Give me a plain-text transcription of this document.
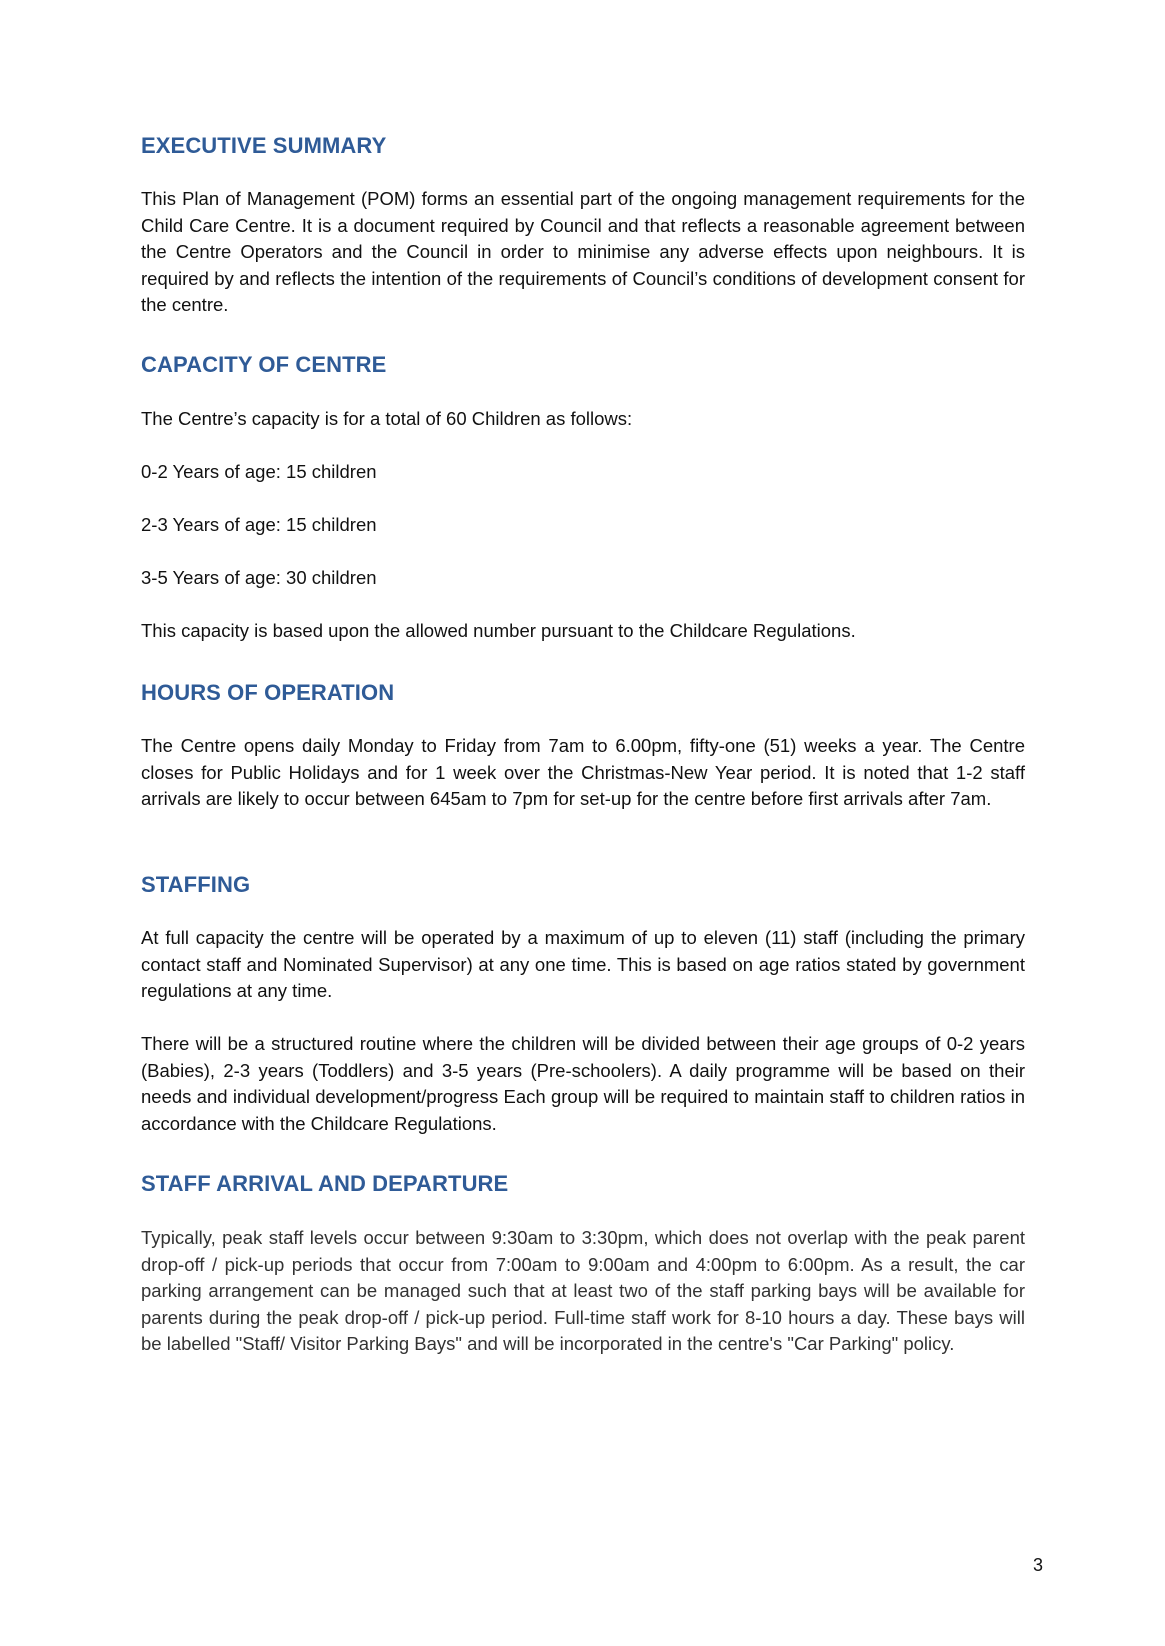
EXECUTIVE SUMMARY

This Plan of Management (POM) forms an essential part of the ongoing management requirements for the Child Care Centre. It is a document required by Council and that reflects a reasonable agreement between the Centre Operators and the Council in order to minimise any adverse effects upon neighbours. It is required by and reflects the intention of the requirements of Council’s conditions of development consent for the centre.

CAPACITY OF CENTRE

The Centre’s capacity is for a total of 60 Children as follows:

0-2 Years of age: 15 children

2-3 Years of age: 15 children

3-5 Years of age: 30 children

This capacity is based upon the allowed number pursuant to the Childcare Regulations.

HOURS OF OPERATION

The Centre opens daily Monday to Friday from 7am to 6.00pm, fifty-one (51) weeks a year. The Centre closes for Public Holidays and for 1 week over the Christmas-New Year period. It is noted that 1-2 staff arrivals are likely to occur between 645am to 7pm for set-up for the centre before first arrivals after 7am.

STAFFING

At full capacity the centre will be operated by a maximum of up to eleven (11) staff (including the primary contact staff and Nominated Supervisor) at any one time. This is based on age ratios stated by government regulations at any time.

There will be a structured routine where the children will be divided between their age groups of 0-2 years (Babies), 2-3 years (Toddlers) and 3-5 years (Pre-schoolers). A daily programme will be based on their needs and individual development/progress Each group will be required to maintain staff to children ratios in accordance with the Childcare Regulations.

STAFF ARRIVAL AND DEPARTURE

Typically, peak staff levels occur between 9:30am to 3:30pm, which does not overlap with the peak parent drop-off / pick-up periods that occur from 7:00am to 9:00am and 4:00pm to 6:00pm. As a result, the car parking arrangement can be managed such that at least two of the staff parking bays will be available for parents during the peak drop-off / pick-up period. Full-time staff work for 8-10 hours a day. These bays will be labelled "Staff/ Visitor Parking Bays" and will be incorporated in the centre's "Car Parking" policy.

3
